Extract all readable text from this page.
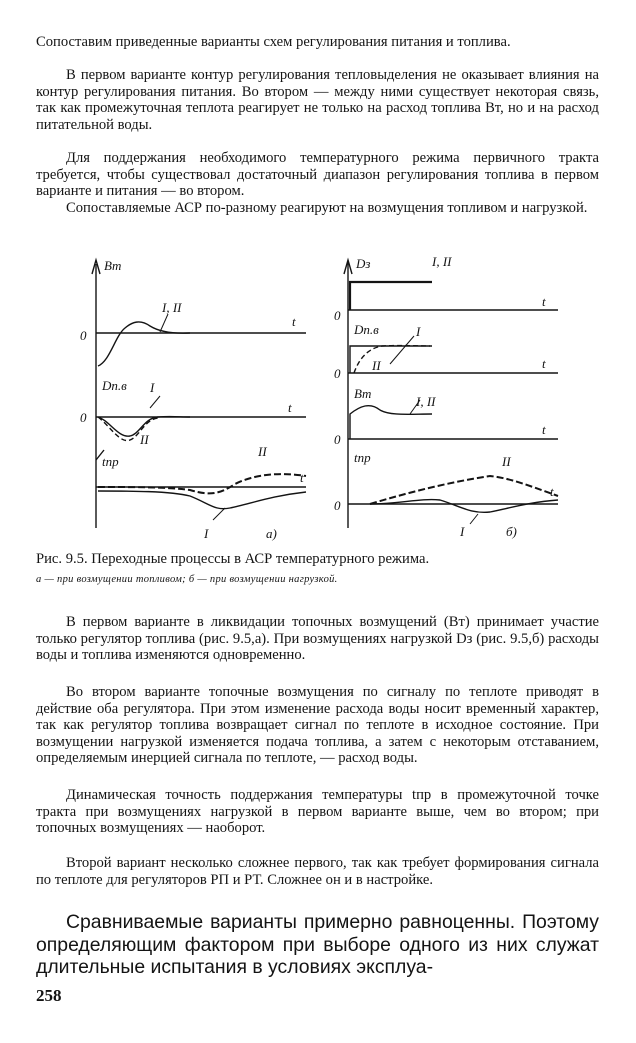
Сопоставим приведенные варианты схем регулирования питания и топлива.

В первом варианте контур регулирования тепловыделения не оказывает влияния на контур регулирования питания. Во втором — между ними существует некоторая связь, так как промежуточная теплота реагирует не только на расход топлива Bт, но и на расход питательной воды.

Для поддержания необходимого температурного режима первичного тракта требуется, чтобы существовал достаточный диапазон регулирования топлива в первом варианте и питания — во втором.

Сопоставляемые АСР по-разному реагируют на возмущения топливом и нагрузкой.

Bт
t
0
I, II
Dп.в
t
0
I
II
tпр
t
II
I	а)
Dз
t
0
I, II
Dп.в
t
0
I
II
Bт
t
0
I, II
tпр
t
0
II
I	б)

Рис. 9.5. Переходные процессы в АСР температурного режима.

а — при возмущении топливом; б — при возмущении нагрузкой.

В первом варианте в ликвидации топочных возмущений (Bт) принимает участие только регулятор топлива (рис. 9.5,а). При возмущениях нагрузкой Dз (рис. 9.5,б) расходы воды и топлива изменяются одновременно.

Во втором варианте топочные возмущения по сигналу по теплоте приводят в действие оба регулятора. При этом изменение расхода воды носит временный характер, так как регулятор топлива возвращает сигнал по теплоте в исходное состояние. При возмущении нагрузкой изменяется подача топлива, а затем с некоторым отставанием, определяемым инерцией сигнала по теплоте, — расход воды.

Динамическая точность поддержания температуры tпр в промежуточной точке тракта при возмущениях нагрузкой в первом варианте выше, чем во втором; при топочных возмущениях — наоборот.

Второй вариант несколько сложнее первого, так как требует формирования сигнала по теплоте для регуляторов РП и РТ. Сложнее он и в настройке.

Сравниваемые варианты примерно равноценны. Поэтому определяющим фактором при выборе одного из них служат длительные испытания в условиях эксплуа-

258
